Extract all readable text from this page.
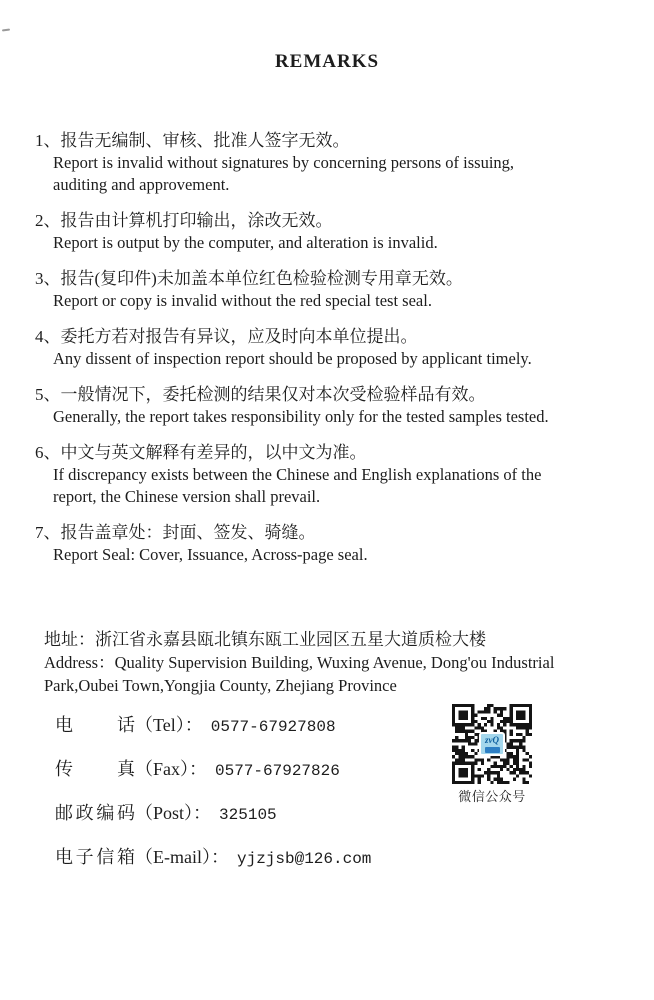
REMARKS
1、报告无编制、审核、批准人签字无效。
Report is invalid without signatures by concerning persons of issuing,
auditing and approvement.
2、报告由计算机打印输出，涂改无效。
Report is output by the computer, and alteration is invalid.
3、报告(复印件)未加盖本单位红色检验检测专用章无效。
Report or copy is invalid without the red special test seal.
4、委托方若对报告有异议，应及时向本单位提出。
Any dissent of inspection report should be proposed by applicant timely.
5、一般情况下，委托检测的结果仅对本次受检验样品有效。
Generally, the report takes responsibility only for the tested samples tested.
6、中文与英文解释有差异的，以中文为准。
If discrepancy exists between the Chinese and English explanations of the
report, the Chinese version shall prevail.
7、报告盖章处：封面、签发、骑缝。
Report Seal: Cover, Issuance, Across-page seal.
地址：浙江省永嘉县瓯北镇东瓯工业园区五星大道质检大楼
Address：Quality Supervision Building, Wuxing Avenue, Dong'ou Industrial
Park,Oubei Town,Yongjia County, Zhejiang Province
电话（Tel）： 0577-67927808
传真（Fax）： 0577-67927826
邮政编码（Post）： 325105
电子信箱（E-mail）： yjzjsb@126.com
zvQ
微信公众号
